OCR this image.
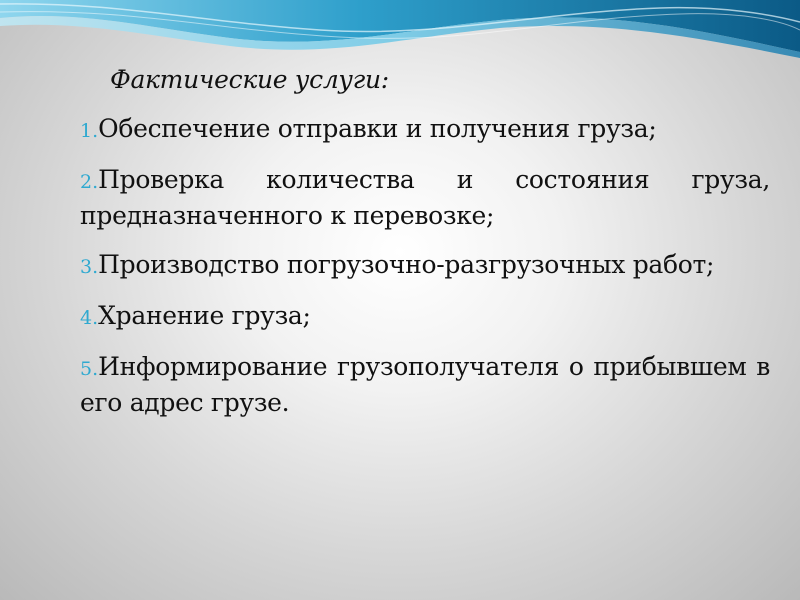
Фактические услуги:
1.Обеспечение отправки и получения груза;
2.Проверка количества и состояния груза, предназначенного к перевозке;
3.Производство погрузочно-разгрузочных работ;
4.Хранение груза;
5.Информирование грузополучателя о прибывшем в его адрес грузе.
